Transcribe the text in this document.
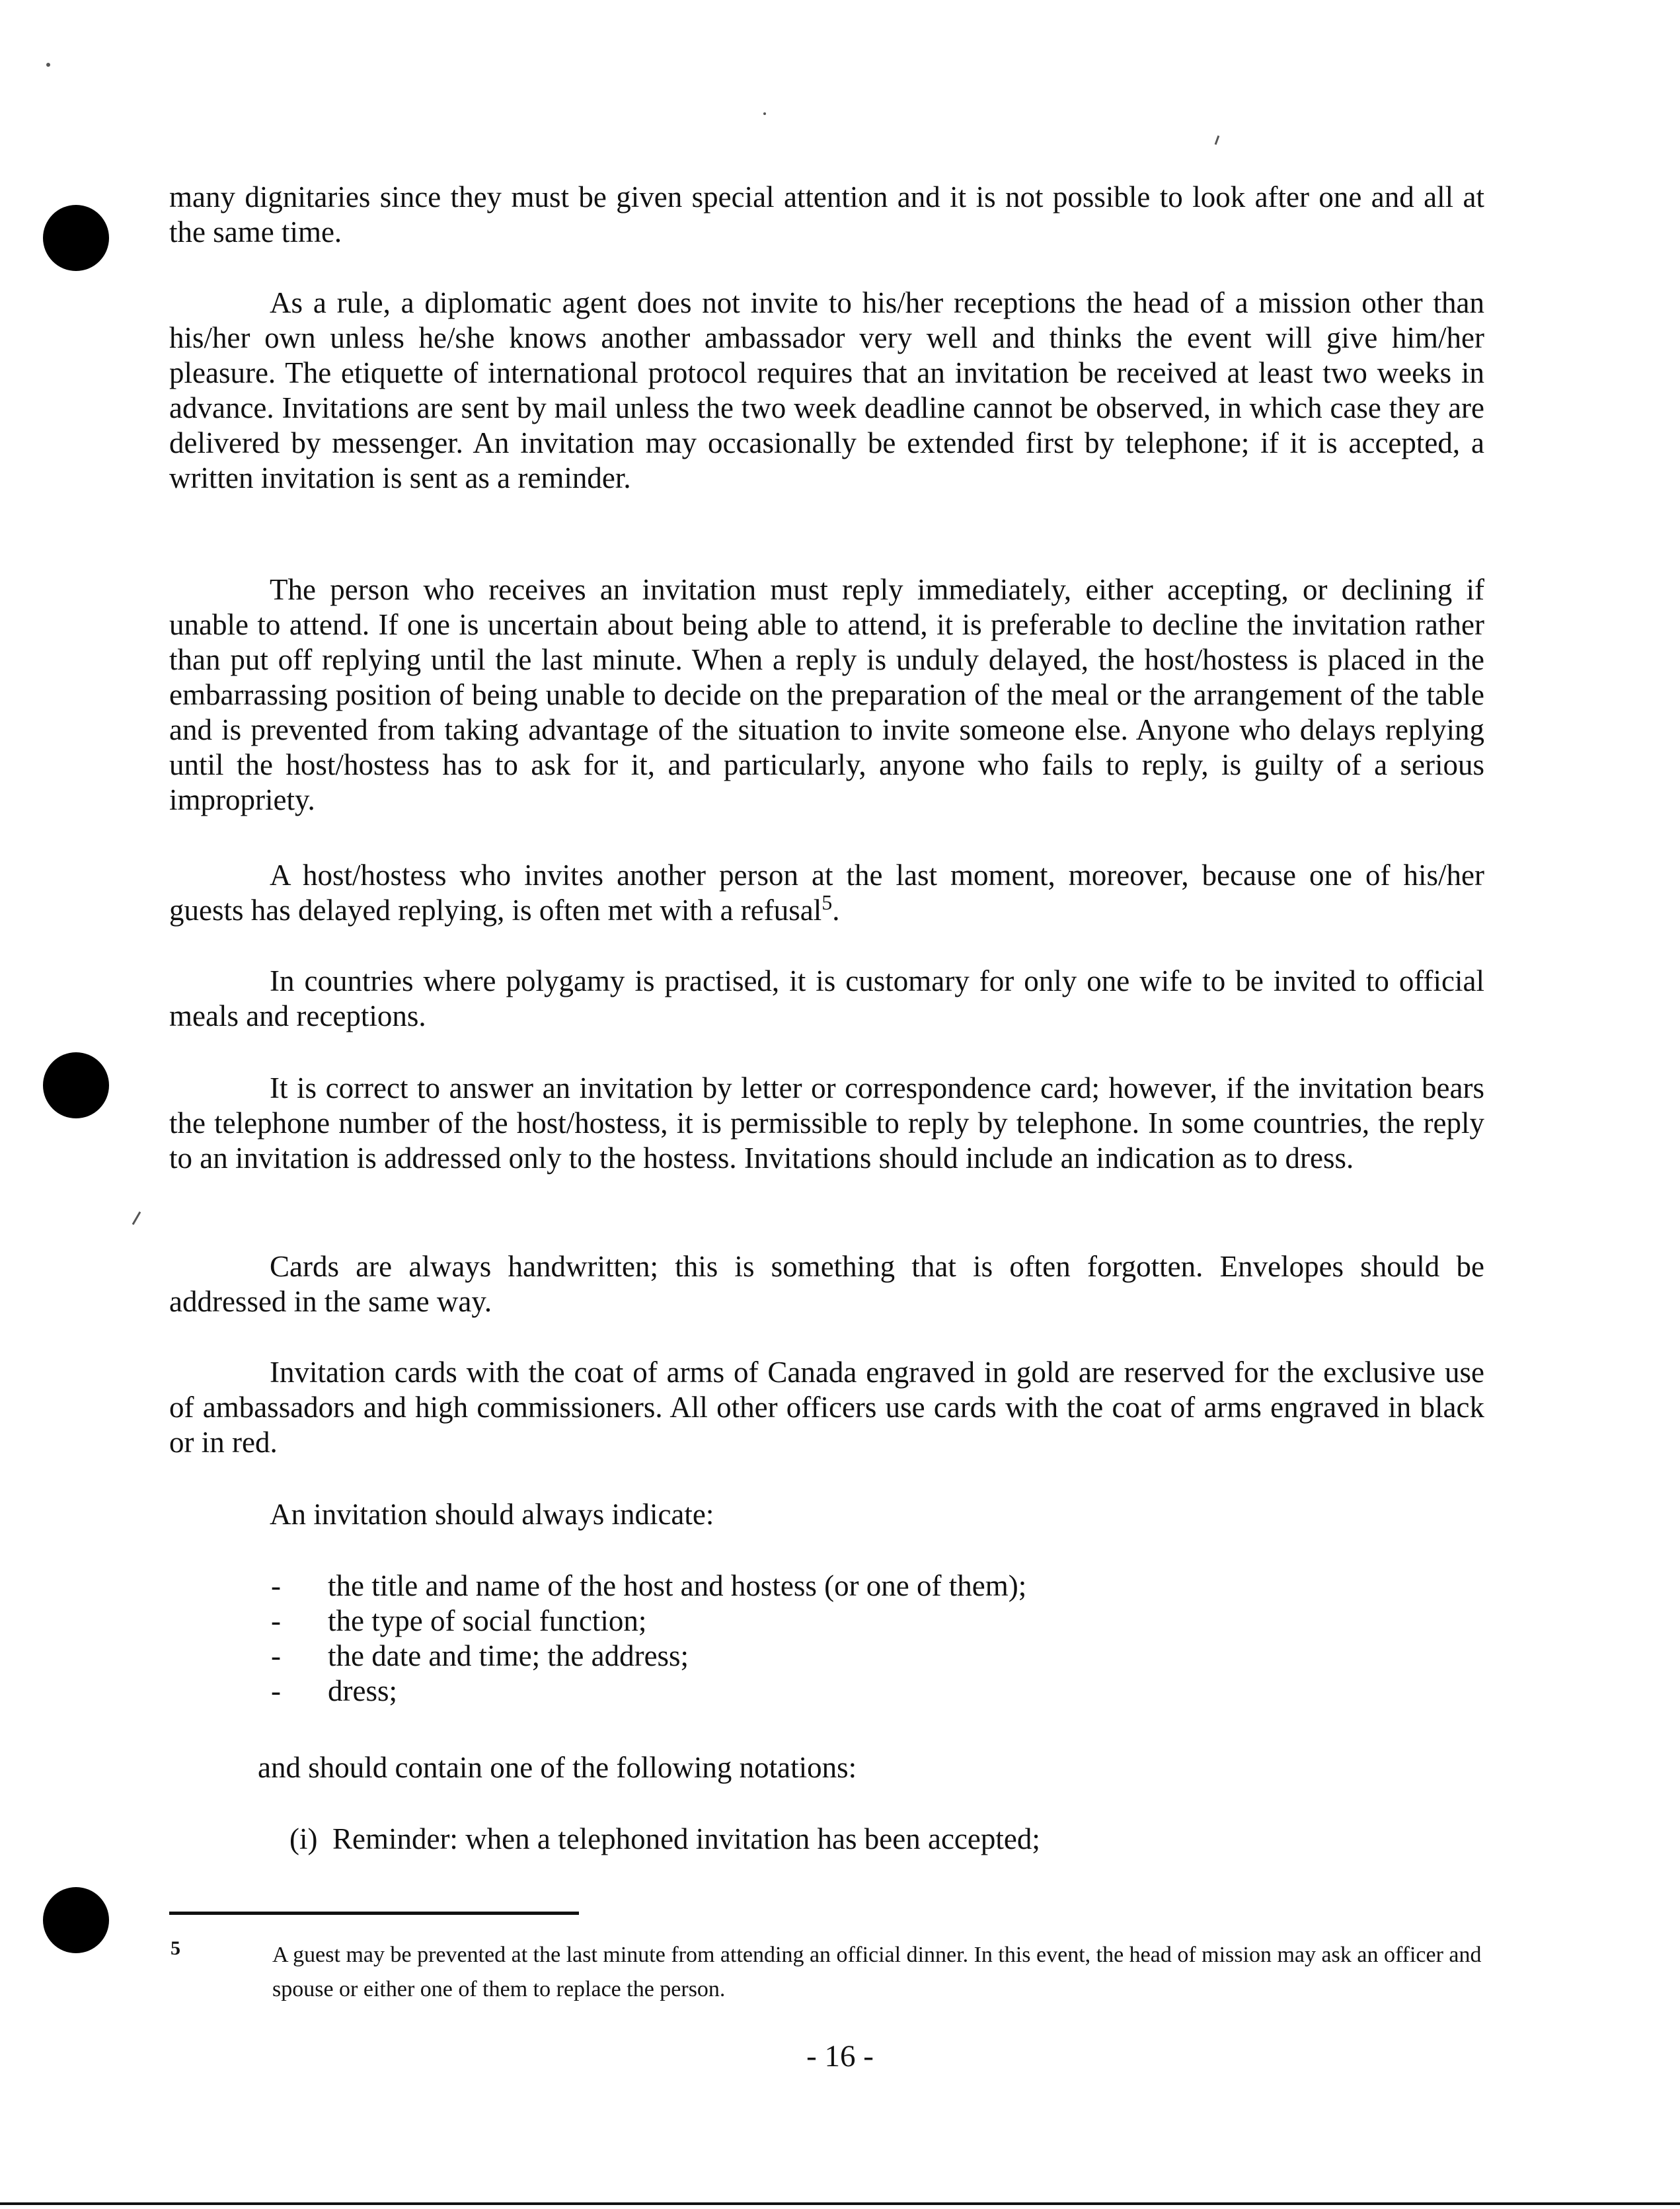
many dignitaries since they must be given special attention and it is not possible to look after one and all at the same time.

As a rule, a diplomatic agent does not invite to his/her receptions the head of a mission other than his/her own unless he/she knows another ambassador very well and thinks the event will give him/her pleasure. The etiquette of international protocol requires that an invitation be received at least two weeks in advance. Invitations are sent by mail unless the two week deadline cannot be observed, in which case they are delivered by messenger. An invitation may occasionally be extended first by telephone; if it is accepted, a written invitation is sent as a reminder.

The person who receives an invitation must reply immediately, either accepting, or declining if unable to attend. If one is uncertain about being able to attend, it is preferable to decline the invitation rather than put off replying until the last minute. When a reply is unduly delayed, the host/hostess is placed in the embarrassing position of being unable to decide on the preparation of the meal or the arrangement of the table and is prevented from taking advantage of the situation to invite someone else. Anyone who delays replying until the host/hostess has to ask for it, and particularly, anyone who fails to reply, is guilty of a serious impropriety.

A host/hostess who invites another person at the last moment, moreover, because one of his/her guests has delayed replying, is often met with a refusal$^5$.

In countries where polygamy is practised, it is customary for only one wife to be invited to official meals and receptions.

It is correct to answer an invitation by letter or correspondence card; however, if the invitation bears the telephone number of the host/hostess, it is permissible to reply by telephone. In some countries, the reply to an invitation is addressed only to the hostess. Invitations should include an indication as to dress.

Cards are always handwritten; this is something that is often forgotten. Envelopes should be addressed in the same way.

Invitation cards with the coat of arms of Canada engraved in gold are reserved for the exclusive use of ambassadors and high commissioners. All other officers use cards with the coat of arms engraved in black or in red.

An invitation should always indicate:

- the title and name of the host and hostess (or one of them);
- the type of social function;
- the date and time; the address;
- dress;

and should contain one of the following notations:

(i) Reminder: when a telephoned invitation has been accepted;

5	A guest may be prevented at the last minute from attending an official dinner. In this event, the head of mission may ask an officer and spouse or either one of them to replace the person.

- 16 -
